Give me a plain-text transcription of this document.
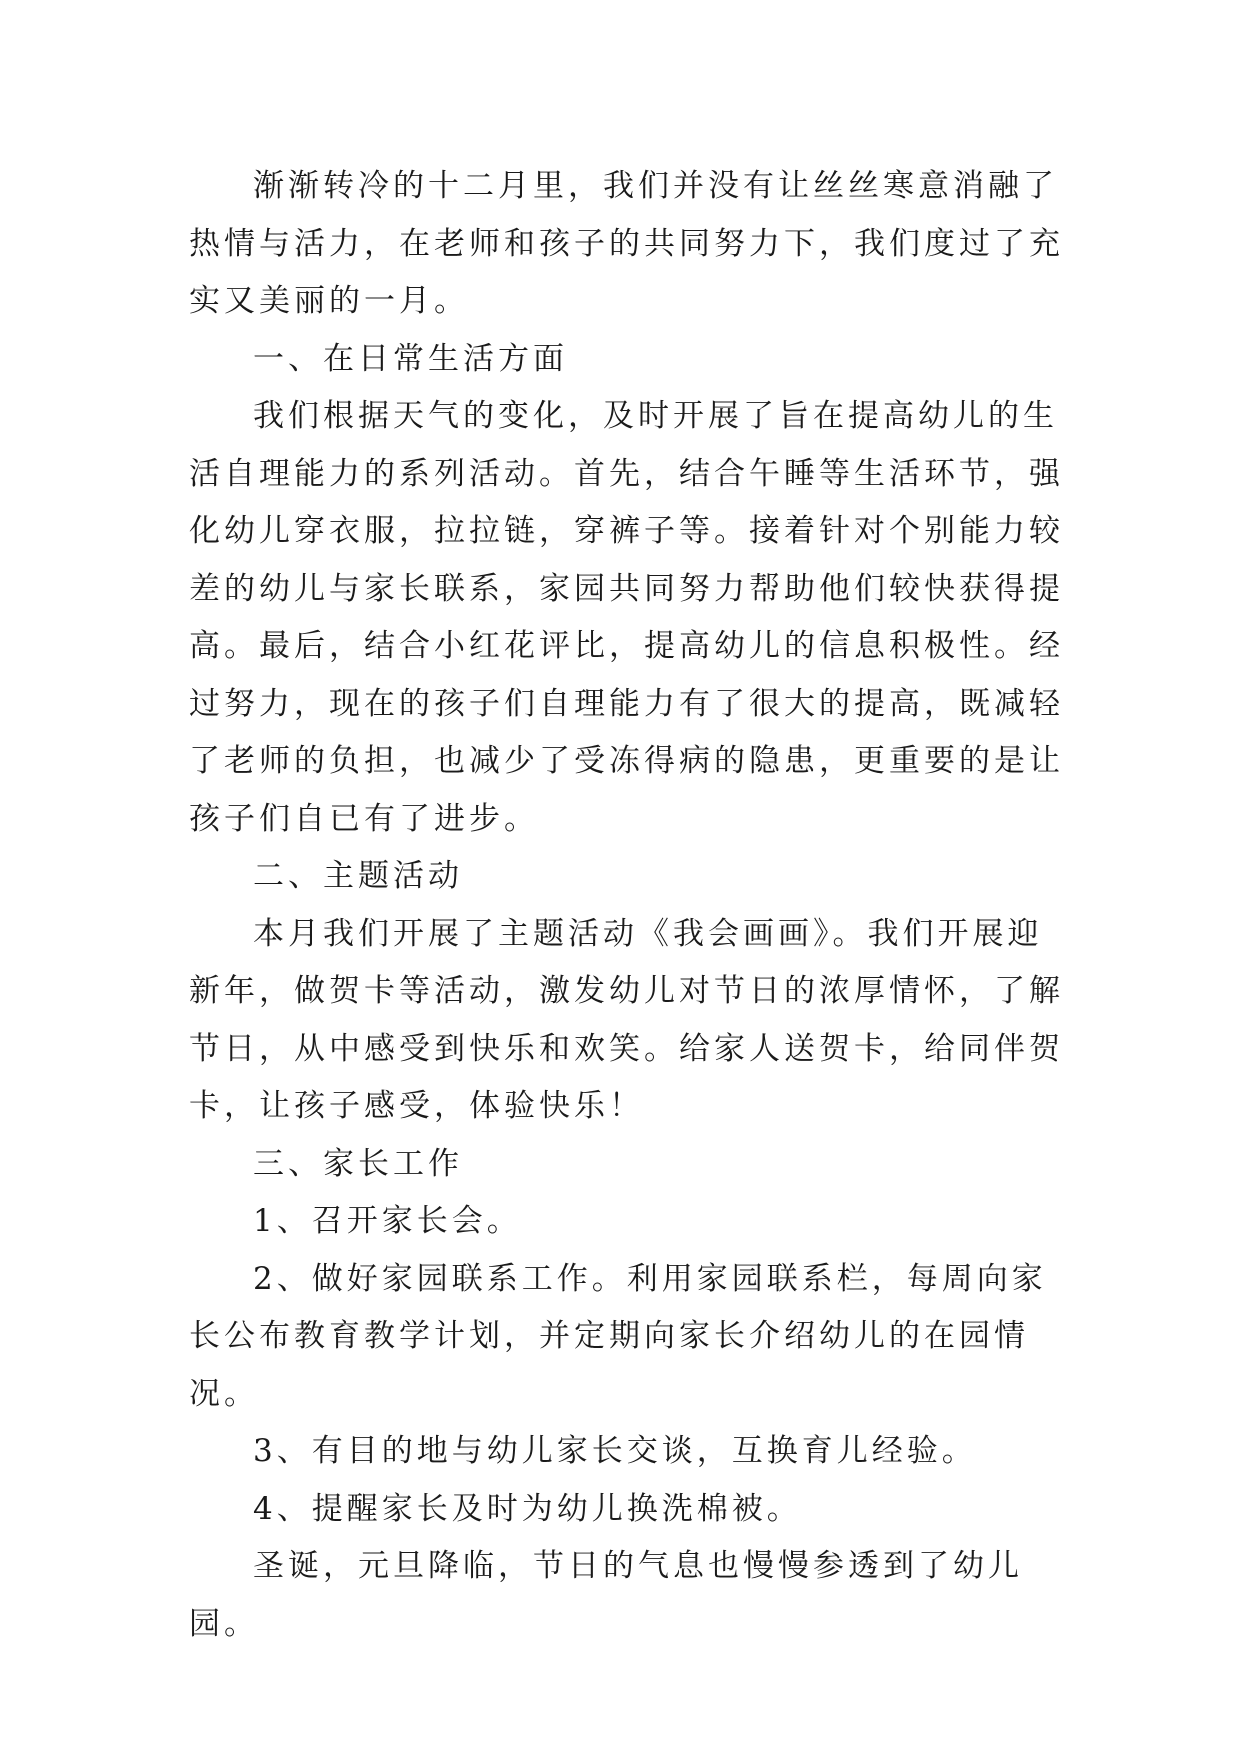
渐渐转冷的十二月里，我们并没有让丝丝寒意消融了热情与活力，在老师和孩子的共同努力下，我们度过了充实又美丽的一月。

一、在日常生活方面

我们根据天气的变化，及时开展了旨在提高幼儿的生活自理能力的系列活动。首先，结合午睡等生活环节，强化幼儿穿衣服，拉拉链，穿裤子等。接着针对个别能力较差的幼儿与家长联系，家园共同努力帮助他们较快获得提高。最后，结合小红花评比，提高幼儿的信息积极性。经过努力，现在的孩子们自理能力有了很大的提高，既减轻了老师的负担，也减少了受冻得病的隐患，更重要的是让孩子们自已有了进步。

二、主题活动

本月我们开展了主题活动《我会画画》。我们开展迎新年，做贺卡等活动，激发幼儿对节日的浓厚情怀，了解节日，从中感受到快乐和欢笑。给家人送贺卡，给同伴贺卡，让孩子感受，体验快乐！

三、家长工作

1、召开家长会。

2、做好家园联系工作。利用家园联系栏，每周向家长公布教育教学计划，并定期向家长介绍幼儿的在园情况。

3、有目的地与幼儿家长交谈，互换育儿经验。

4、提醒家长及时为幼儿换洗棉被。

圣诞，元旦降临，节日的气息也慢慢参透到了幼儿园。
